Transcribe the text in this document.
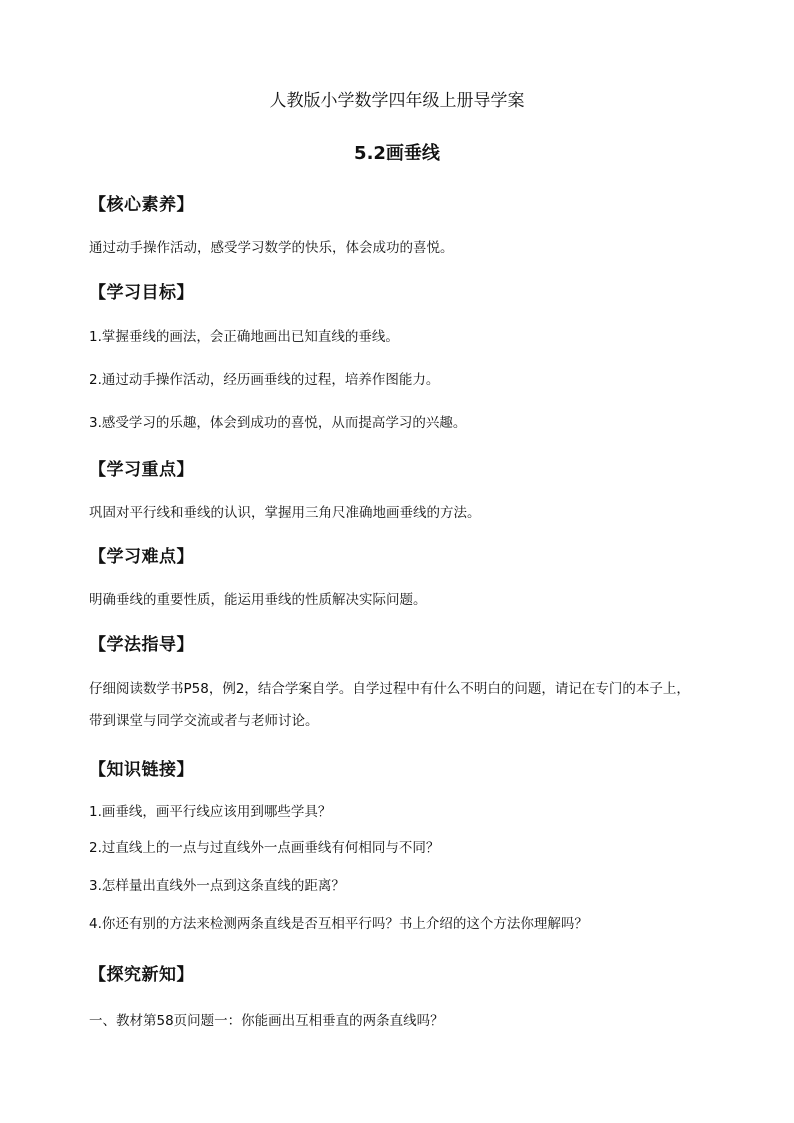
人教版小学数学四年级上册导学案
5.2画垂线
【核心素养】
通过动手操作活动，感受学习数学的快乐，体会成功的喜悦。
【学习目标】
1.掌握垂线的画法，会正确地画出已知直线的垂线。
2.通过动手操作活动，经历画垂线的过程，培养作图能力。
3.感受学习的乐趣，体会到成功的喜悦，从而提高学习的兴趣。
【学习重点】
巩固对平行线和垂线的认识，掌握用三角尺准确地画垂线的方法。
【学习难点】
明确垂线的重要性质，能运用垂线的性质解决实际问题。
【学法指导】
仔细阅读数学书P58，例2，结合学案自学。自学过程中有什么不明白的问题，请记在专门的本子上，
带到课堂与同学交流或者与老师讨论。
【知识链接】
1.画垂线，画平行线应该用到哪些学具？
2.过直线上的一点与过直线外一点画垂线有何相同与不同？
3.怎样量出直线外一点到这条直线的距离？
4.你还有别的方法来检测两条直线是否互相平行吗？书上介绍的这个方法你理解吗？
【探究新知】
一、教材第58页问题一：你能画出互相垂直的两条直线吗？
